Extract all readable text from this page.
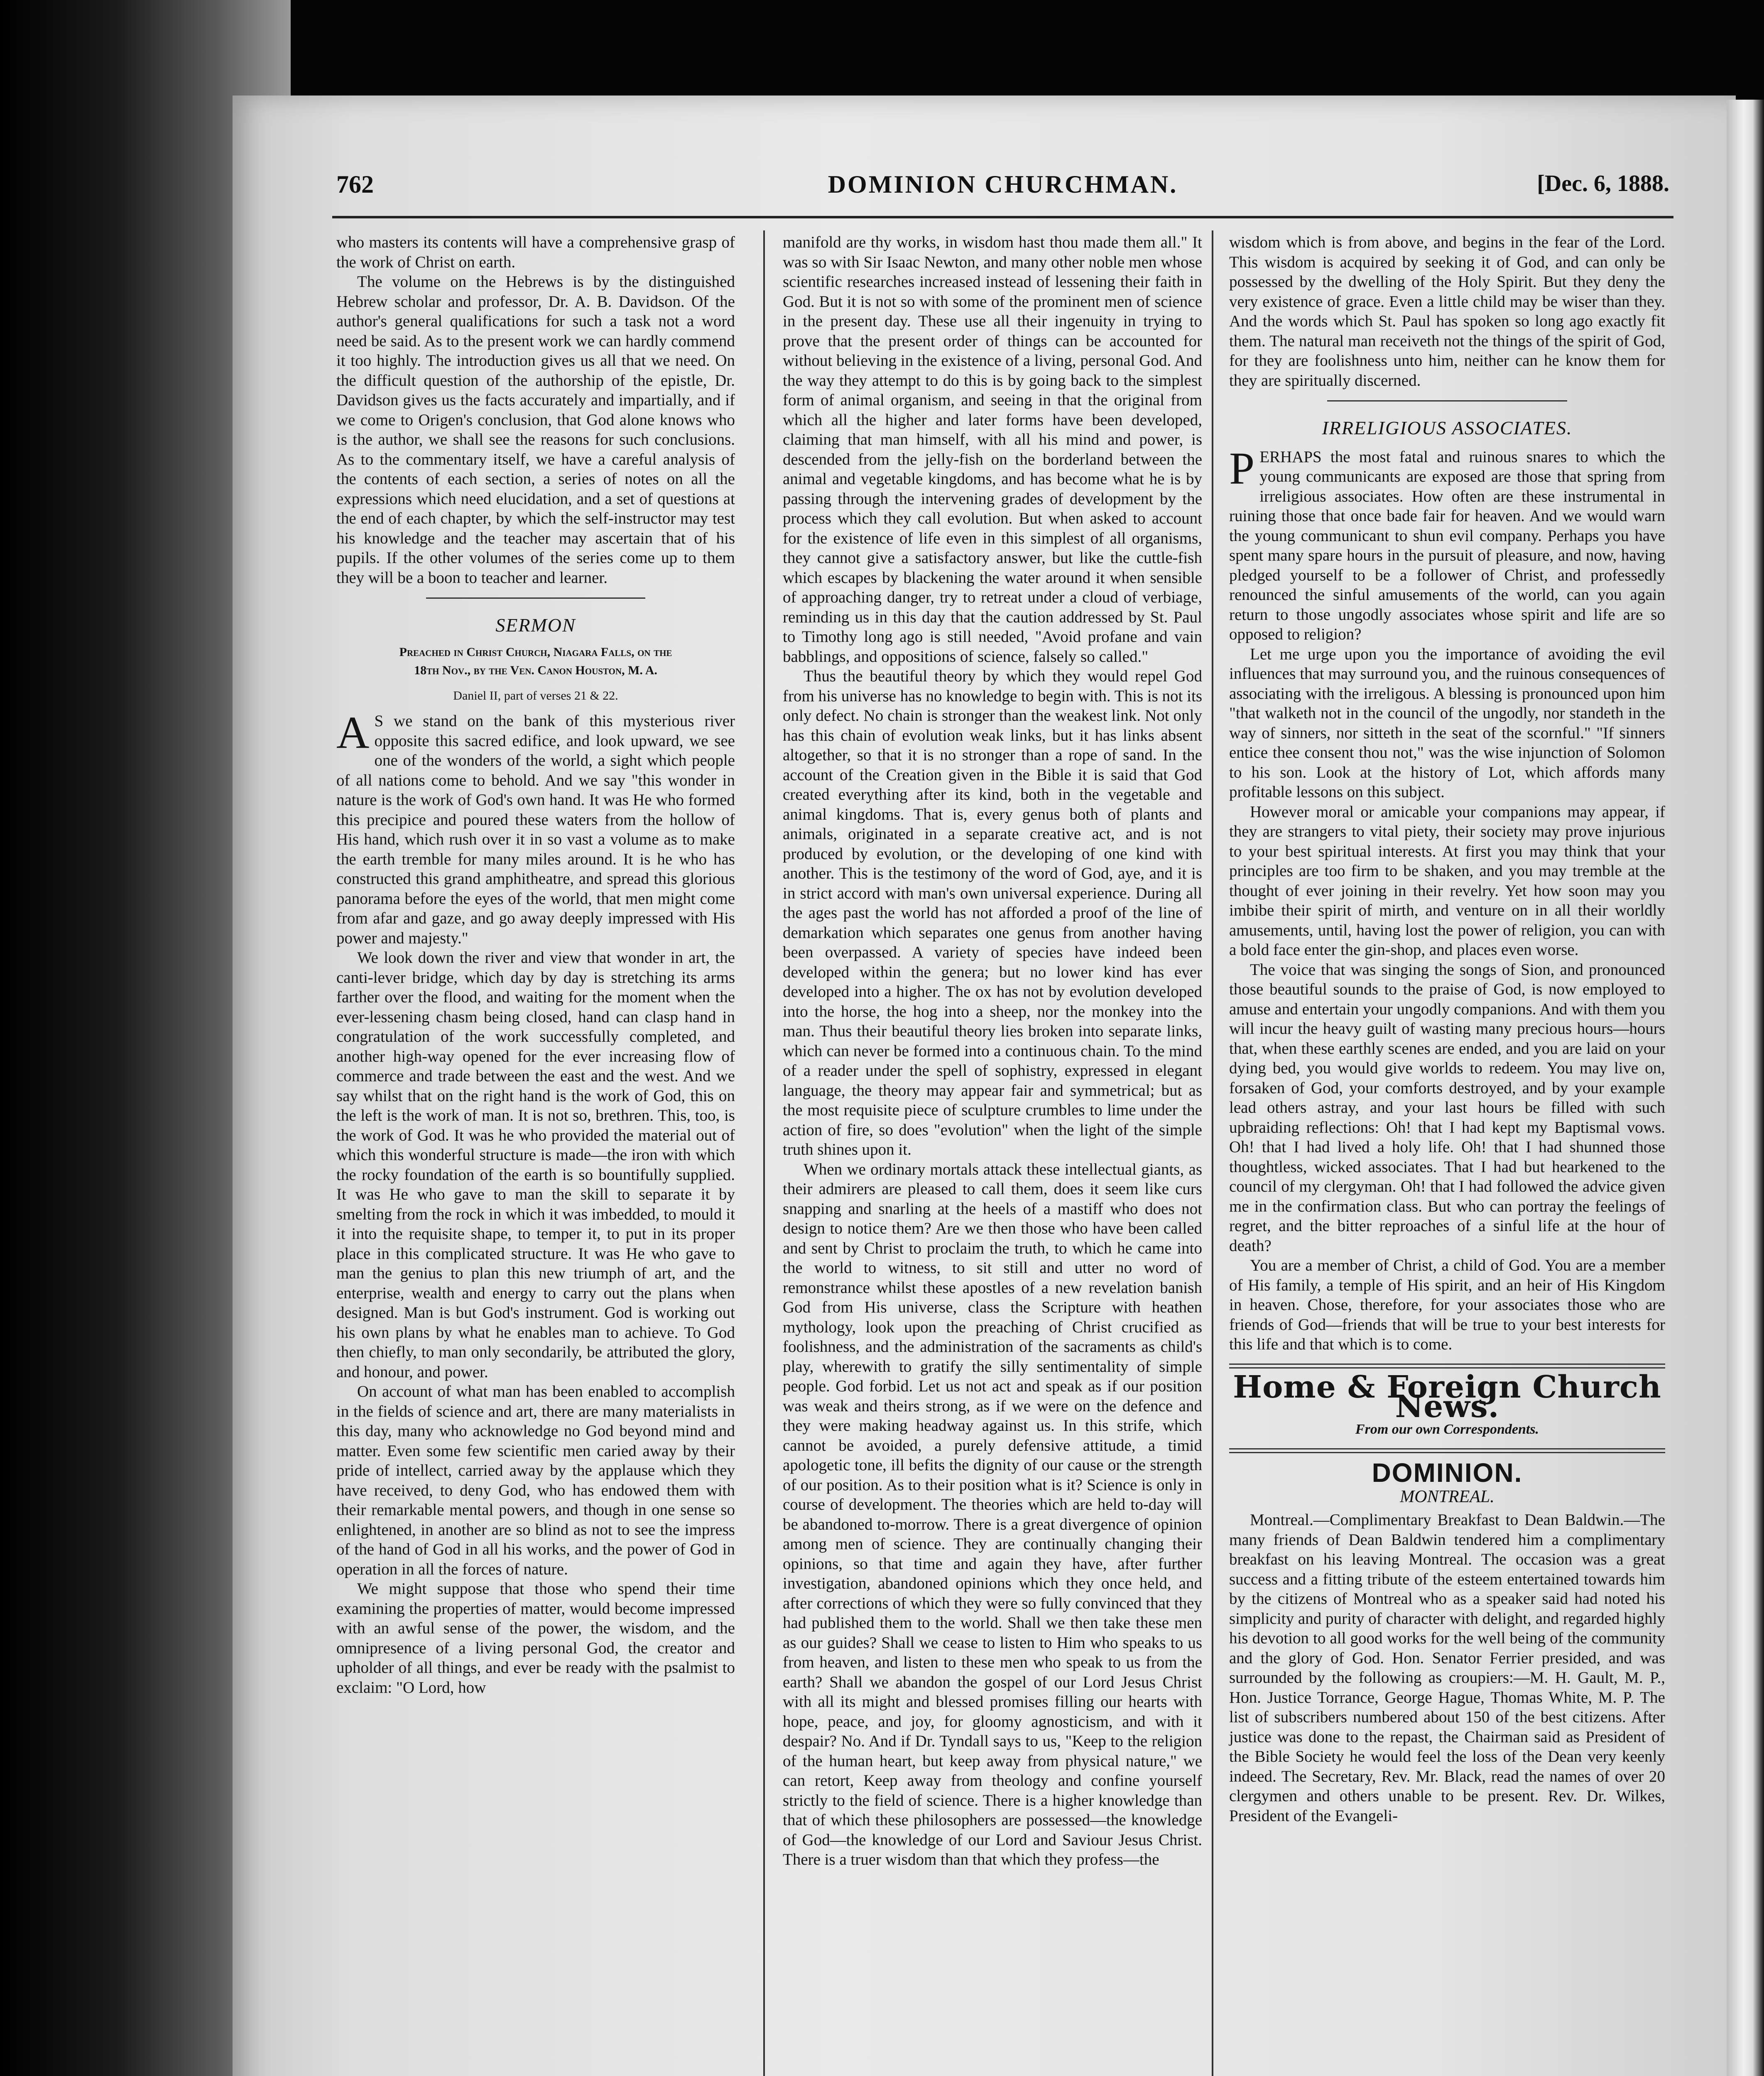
762	DOMINION CHURCHMAN.	[Dec. 6, 1888.

who masters its contents will have a comprehensive grasp of the work of Christ on earth.

The volume on the Hebrews is by the distinguished Hebrew scholar and professor, Dr. A. B. Davidson. Of the author's general qualifications for such a task not a word need be said. As to the present work we can hardly commend it too highly. The introduction gives us all that we need. On the difficult question of the authorship of the epistle, Dr. Davidson gives us the facts accurately and impartially, and if we come to Origen's conclusion, that God alone knows who is the author, we shall see the reasons for such conclusions. As to the commentary itself, we have a careful analysis of the contents of each section, a series of notes on all the expressions which need elucidation, and a set of questions at the end of each chapter, by which the self-instructor may test his knowledge and the teacher may ascertain that of his pupils. If the other volumes of the series come up to them they will be a boon to teacher and learner.

SERMON
Preached in Christ Church, Niagara Falls, on the
18th Nov., by the Ven. Canon Houston, M. A.
Daniel II, part of verses 21 & 22.

A S we stand on the bank of this mysterious river opposite this sacred edifice, and look upward, we see one of the wonders of the world, a sight which people of all nations come to behold. And we say "this wonder in nature is the work of God's own hand. It was He who formed this precipice and poured these waters from the hollow of His hand, which rush over it in so vast a volume as to make the earth tremble for many miles around. It is he who has constructed this grand amphitheatre, and spread this glorious panorama before the eyes of the world, that men might come from afar and gaze, and go away deeply impressed with His power and majesty."

We look down the river and view that wonder in art, the canti-lever bridge, which day by day is stretching its arms farther over the flood, and waiting for the moment when the ever-lessening chasm being closed, hand can clasp hand in congratulation of the work successfully completed, and another high-way opened for the ever increasing flow of commerce and trade between the east and the west. And we say whilst that on the right hand is the work of God, this on the left is the work of man. It is not so, brethren. This, too, is the work of God. It was he who provided the material out of which this wonderful structure is made—the iron with which the rocky foundation of the earth is so bountifully supplied. It was He who gave to man the skill to separate it by smelting from the rock in which it was imbedded, to mould it it into the requisite shape, to temper it, to put in its proper place in this complicated structure. It was He who gave to man the genius to plan this new triumph of art, and the enterprise, wealth and energy to carry out the plans when designed. Man is but God's instrument. God is working out his own plans by what he enables man to achieve. To God then chiefly, to man only secondarily, be attributed the glory, and honour, and power.

On account of what man has been enabled to accomplish in the fields of science and art, there are many materialists in this day, many who acknowledge no God beyond mind and matter. Even some few scientific men caried away by their pride of intellect, carried away by the applause which they have received, to deny God, who has endowed them with their remarkable mental powers, and though in one sense so enlightened, in another are so blind as not to see the impress of the hand of God in all his works, and the power of God in operation in all the forces of nature.

We might suppose that those who spend their time examining the properties of matter, would become impressed with an awful sense of the power, the wisdom, and the omnipresence of a living personal God, the creator and upholder of all things, and ever be ready with the psalmist to exclaim: "O Lord, how

manifold are thy works, in wisdom hast thou made them all." It was so with Sir Isaac Newton, and many other noble men whose scientific researches increased instead of lessening their faith in God. But it is not so with some of the prominent men of science in the present day. These use all their ingenuity in trying to prove that the present order of things can be accounted for without believing in the existence of a living, personal God. And the way they attempt to do this is by going back to the simplest form of animal organism, and seeing in that the original from which all the higher and later forms have been developed, claiming that man himself, with all his mind and power, is descended from the jelly-fish on the borderland between the animal and vegetable kingdoms, and has become what he is by passing through the intervening grades of development by the process which they call evolution. But when asked to account for the existence of life even in this simplest of all organisms, they cannot give a satisfactory answer, but like the cuttle-fish which escapes by blackening the water around it when sensible of approaching danger, try to retreat under a cloud of verbiage, reminding us in this day that the caution addressed by St. Paul to Timothy long ago is still needed, "Avoid profane and vain babblings, and oppositions of science, falsely so called."

Thus the beautiful theory by which they would repel God from his universe has no knowledge to begin with. This is not its only defect. No chain is stronger than the weakest link. Not only has this chain of evolution weak links, but it has links absent altogether, so that it is no stronger than a rope of sand. In the account of the Creation given in the Bible it is said that God created everything after its kind, both in the vegetable and animal kingdoms. That is, every genus both of plants and animals, originated in a separate creative act, and is not produced by evolution, or the developing of one kind with another. This is the testimony of the word of God, aye, and it is in strict accord with man's own universal experience. During all the ages past the world has not afforded a proof of the line of demarkation which separates one genus from another having been overpassed. A variety of species have indeed been developed within the genera; but no lower kind has ever developed into a higher. The ox has not by evolution developed into the horse, the hog into a sheep, nor the monkey into the man. Thus their beautiful theory lies broken into separate links, which can never be formed into a continuous chain. To the mind of a reader under the spell of sophistry, expressed in elegant language, the theory may appear fair and symmetrical; but as the most requisite piece of sculpture crumbles to lime under the action of fire, so does "evolution" when the light of the simple truth shines upon it.

When we ordinary mortals attack these intellectual giants, as their admirers are pleased to call them, does it seem like curs snapping and snarling at the heels of a mastiff who does not design to notice them? Are we then those who have been called and sent by Christ to proclaim the truth, to which he came into the world to witness, to sit still and utter no word of remonstrance whilst these apostles of a new revelation banish God from His universe, class the Scripture with heathen mythology, look upon the preaching of Christ crucified as foolishness, and the administration of the sacraments as child's play, wherewith to gratify the silly sentimentality of simple people. God forbid. Let us not act and speak as if our position was weak and theirs strong, as if we were on the defence and they were making headway against us. In this strife, which cannot be avoided, a purely defensive attitude, a timid apologetic tone, ill befits the dignity of our cause or the strength of our position. As to their position what is it? Science is only in course of development. The theories which are held to-day will be abandoned to-morrow. There is a great divergence of opinion among men of science. They are continually changing their opinions, so that time and again they have, after further investigation, abandoned opinions which they once held, and after corrections of which they were so fully convinced that they had published them to the world. Shall we then take these men as our guides? Shall we cease to listen to Him who speaks to us from heaven, and listen to these men who speak to us from the earth? Shall we abandon the gospel of our Lord Jesus Christ with all its might and blessed promises filling our hearts with hope, peace, and joy, for gloomy agnosticism, and with it despair? No. And if Dr. Tyndall says to us, "Keep to the religion of the human heart, but keep away from physical nature," we can retort, Keep away from theology and confine yourself strictly to the field of science. There is a higher knowledge than that of which these philosophers are possessed—the knowledge of God—the knowledge of our Lord and Saviour Jesus Christ. There is a truer wisdom than that which they profess—the

wisdom which is from above, and begins in the fear of the Lord. This wisdom is acquired by seeking it of God, and can only be possessed by the dwelling of the Holy Spirit. But they deny the very existence of grace. Even a little child may be wiser than they. And the words which St. Paul has spoken so long ago exactly fit them. The natural man receiveth not the things of the spirit of God, for they are foolishness unto him, neither can he know them for they are spiritually discerned.

IRRELIGIOUS ASSOCIATES.

PERHAPS the most fatal and ruinous snares to which the young communicants are exposed are those that spring from irreligious associates. How often are these instrumental in ruining those that once bade fair for heaven. And we would warn the young communicant to shun evil company. Perhaps you have spent many spare hours in the pursuit of pleasure, and now, having pledged yourself to be a follower of Christ, and professedly renounced the sinful amusements of the world, can you again return to those ungodly associates whose spirit and life are so opposed to religion?

Let me urge upon you the importance of avoiding the evil influences that may surround you, and the ruinous consequences of associating with the irreligous. A blessing is pronounced upon him "that walketh not in the council of the ungodly, nor standeth in the way of sinners, nor sitteth in the seat of the scornful." "If sinners entice thee consent thou not," was the wise injunction of Solomon to his son. Look at the history of Lot, which affords many profitable lessons on this subject.

However moral or amicable your companions may appear, if they are strangers to vital piety, their society may prove injurious to your best spiritual interests. At first you may think that your principles are too firm to be shaken, and you may tremble at the thought of ever joining in their revelry. Yet how soon may you imbibe their spirit of mirth, and venture on in all their worldly amusements, until, having lost the power of religion, you can with a bold face enter the gin-shop, and places even worse.

The voice that was singing the songs of Sion, and pronounced those beautiful sounds to the praise of God, is now employed to amuse and entertain your ungodly companions. And with them you will incur the heavy guilt of wasting many precious hours—hours that, when these earthly scenes are ended, and you are laid on your dying bed, you would give worlds to redeem. You may live on, forsaken of God, your comforts destroyed, and by your example lead others astray, and your last hours be filled with such upbraiding reflections: Oh! that I had kept my Baptismal vows. Oh! that I had lived a holy life. Oh! that I had shunned those thoughtless, wicked associates. That I had but hearkened to the council of my clergyman. Oh! that I had followed the advice given me in the confirmation class. But who can portray the feelings of regret, and the bitter reproaches of a sinful life at the hour of death?

You are a member of Christ, a child of God. You are a member of His family, a temple of His spirit, and an heir of His Kingdom in heaven. Chose, therefore, for your associates those who are friends of God—friends that will be true to your best interests for this life and that which is to come.

Home & Foreign Church News.
From our own Correspondents.
DOMINION.
MONTREAL.

Montreal.—Complimentary Breakfast to Dean Baldwin.—The many friends of Dean Baldwin tendered him a complimentary breakfast on his leaving Montreal. The occasion was a great success and a fitting tribute of the esteem entertained towards him by the citizens of Montreal who as a speaker said had noted his simplicity and purity of character with delight, and regarded highly his devotion to all good works for the well being of the community and the glory of God. Hon. Senator Ferrier presided, and was surrounded by the following as croupiers:—M. H. Gault, M. P., Hon. Justice Torrance, George Hague, Thomas White, M. P. The list of subscribers numbered about 150 of the best citizens. After justice was done to the repast, the Chairman said as President of the Bible Society he would feel the loss of the Dean very keenly indeed. The Secretary, Rev. Mr. Black, read the names of over 20 clergymen and others unable to be present. Rev. Dr. Wilkes, President of the Evangeli-
